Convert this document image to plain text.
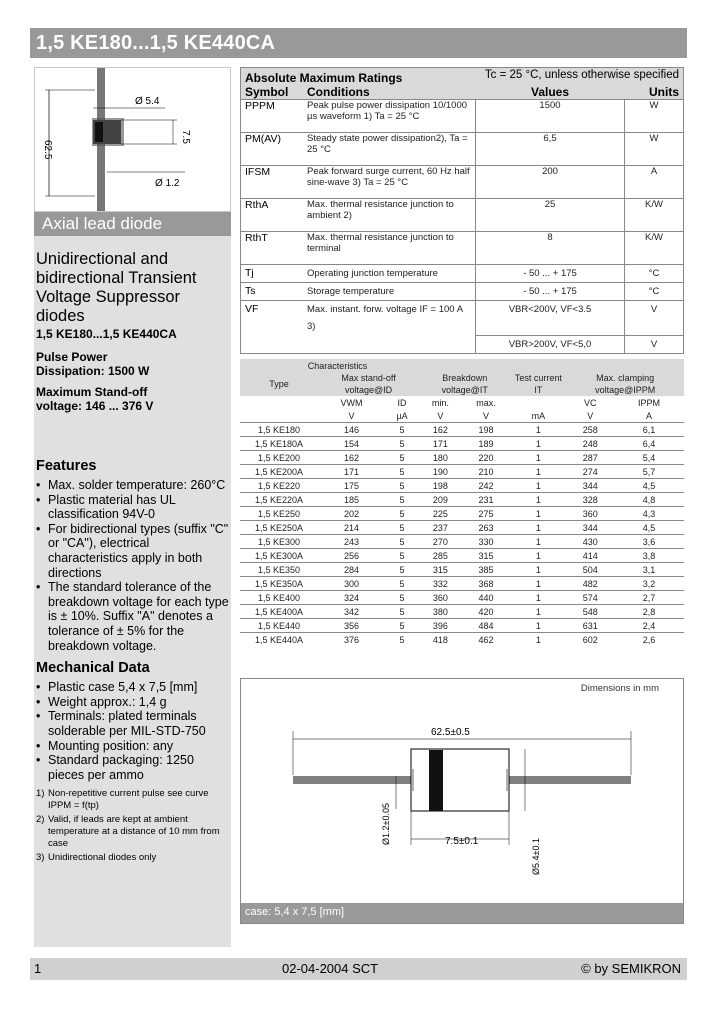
1,5 KE180...1,5 KE440CA
Ø 5.4
62.5
7.5
Ø 1.2
Axial lead diode
Unidirectional and
bidirectional Transient
Voltage Suppressor
diodes
1,5 KE180...1,5 KE440CA
Pulse Power
Dissipation: 1500 W
Maximum Stand-off
voltage: 146 ... 376 V
Features
• Max. solder temperature: 260°C
• Plastic material has UL classification 94V-0
• For bidirectional types (suffix "C" or "CA"), electrical characteristics apply in both directions
• The standard tolerance of the breakdown voltage for each type is ± 10%. Suffix "A" denotes a tolerance of ± 5% for the breakdown voltage.
Mechanical Data
• Plastic case 5,4 x 7,5 [mm]
• Weight approx.: 1,4 g
• Terminals: plated terminals solderable per MIL-STD-750
• Mounting position: any
• Standard packaging: 1250 pieces per ammo
1) Non-repetitive current pulse see curve IPPM = f(tp)
2) Valid, if leads are kept at ambient temperature at a distance of 10 mm from case
3) Unidirectional diodes only
Absolute Maximum Ratings		Tc = 25 °C, unless otherwise specified	
Symbol	Conditions	Values	Units
PPPM	Peak pulse power dissipation 10/1000 µs waveform 1) Ta = 25 °C	1500	W
PM(AV)	Steady state power dissipation2), Ta = 25 °C	6,5	W
IFSM	Peak forward surge current, 60 Hz half sine-wave 3) Ta = 25 °C	200	A
RthA	Max. thermal resistance junction to ambient 2)	25	K/W
RthT	Max. thermal resistance junction to terminal	8	K/W
Tj	Operating junction temperature	- 50 ... + 175	°C
Ts	Storage temperature	- 50 ... + 175	°C
VF	Max. instant. forw. voltage IF = 100 A 3)	VBR<200V, VF<3.5	V
		VBR>200V, VF<5,0	V
Characteristics							
Type	Max stand-off voltage@ID		Breakdown voltage@IT		Test current IT	Max. clamping voltage@IPPM	
	VWM	ID	min.	max.		VC	IPPM
	V	µA	V	V	mA	V	A
1,5 KE180	146	5	162	198	1	258	6,1
1,5 KE180A	154	5	171	189	1	248	6,4
1,5 KE200	162	5	180	220	1	287	5,4
1,5 KE200A	171	5	190	210	1	274	5,7
1,5 KE220	175	5	198	242	1	344	4,5
1,5 KE220A	185	5	209	231	1	328	4,8
1,5 KE250	202	5	225	275	1	360	4,3
1,5 KE250A	214	5	237	263	1	344	4,5
1,5 KE300	243	5	270	330	1	430	3,6
1,5 KE300A	256	5	285	315	1	414	3,8
1,5 KE350	284	5	315	385	1	504	3,1
1,5 KE350A	300	5	332	368	1	482	3,2
1,5 KE400	324	5	360	440	1	574	2,7
1,5 KE400A	342	5	380	420	1	548	2,8
1,5 KE440	356	5	396	484	1	631	2,4
1,5 KE440A	376	5	418	462	1	602	2,6
Dimensions in mm
62.5±0.5
7.5±0.1
Ø1.2±0.05
Ø5.4±0.1
case: 5,4 x 7,5 [mm]
1	02-04-2004 SCT	© by SEMIKRON
